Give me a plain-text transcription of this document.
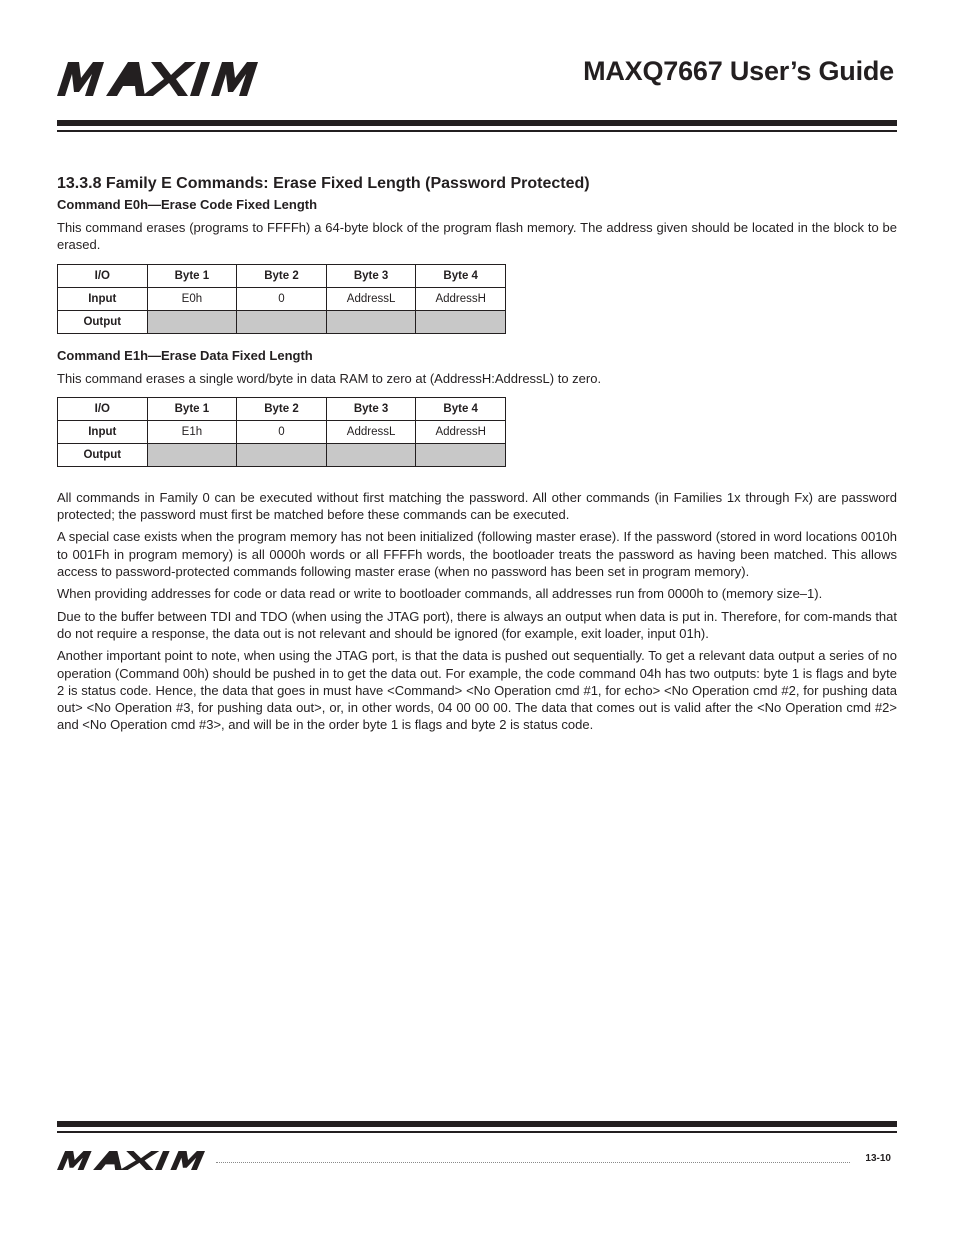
MAXQ7667 User’s Guide
13.3.8 Family E Commands: Erase Fixed Length (Password Protected)
Command E0h—Erase Code Fixed Length

This command erases (programs to FFFFh) a 64-byte block of the program flash memory. The address given should be located in the block to be erased.

I/O	Byte 1	Byte 2	Byte 3	Byte 4
Input	E0h	0	AddressL	AddressH
Output				
Command E1h—Erase Data Fixed Length

This command erases a single word/byte in data RAM to zero at (AddressH:AddressL) to zero.

I/O	Byte 1	Byte 2	Byte 3	Byte 4
Input	E1h	0	AddressL	AddressH
Output				

All commands in Family 0 can be executed without first matching the password. All other commands (in Families 1x through Fx) are password protected; the password must first be matched before these commands can be executed.

A special case exists when the program memory has not been initialized (following master erase). If the password (stored in word locations 0010h to 001Fh in program memory) is all 0000h words or all FFFFh words, the bootloader treats the password as having been matched. This allows access to password-protected commands following master erase (when no password has been set in program memory).

When providing addresses for code or data read or write to bootloader commands, all addresses run from 0000h to (memory size–1).

Due to the buffer between TDI and TDO (when using the JTAG port), there is always an output when data is put in. Therefore, for com-mands that do not require a response, the data out is not relevant and should be ignored (for example, exit loader, input 01h).

Another important point to note, when using the JTAG port, is that the data is pushed out sequentially. To get a relevant data output a series of no operation (Command 00h) should be pushed in to get the data out. For example, the code command 04h has two outputs: byte 1 is flags and byte 2 is status code. Hence, the data that goes in must have <Command> <No Operation cmd #1, for echo> <No Operation cmd #2, for pushing data out> <No Operation #3, for pushing data out>, or, in other words, 04 00 00 00. The data that comes out is valid after the <No Operation cmd #2> and <No Operation cmd #3>, and will be in the order byte 1 is flags and byte 2 is status code.

13-10
